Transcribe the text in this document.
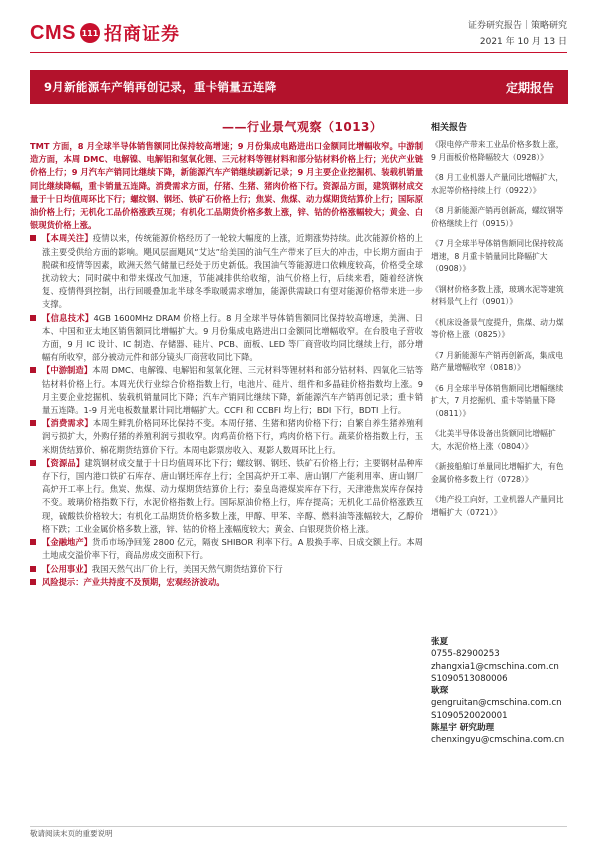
CMS 111 招商证券	证券研究报告｜策略研究
2021 年 10 月 13 日
9月新能源车产销再创记录，重卡销量五连降	定期报告
——行业景气观察（1013）

TMT 方面，8 月全球半导体销售额同比保持较高增速；9 月份集成电路进出口金额同比增幅收窄。中游制造方面，本周 DMC、电解镍、电解铝和氢氧化锂、三元材料等锂材料和部分钴材料价格上行；光伏产业链价格上行；9 月汽车产销同比继续下降，新能源汽车产销继续刷新记录；9 月主要企业挖掘机、装载机销量同比继续降幅，重卡销量五连降。消费需求方面，仔猪、生猪、猪肉价格下行。资源品方面，建筑钢材成交量于十日均值周环比下行；螺纹钢、钢坯、铁矿石价格上行；焦炭、焦煤、动力煤期货结算价上行；国际原油价格上行；无机化工品价格涨跌互现；有机化工品期货价格多数上涨，锌、钴的价格涨幅较大；黄金、白银现货价格上涨。

【本周关注】疫情以来，传统能源价格经历了一轮较大幅度的上涨，近期涨势持续。此次能源价格的上涨主要受供给方面的影响。飓风层面飓风“艾达”给美国的油气生产带来了巨大的冲击，中长期方面由于脱碳和疫情等因素，欧洲天然气储量已经处于历史新低。我国油气等能源进口依赖度较高，价格受全球扰动较大；同时碳中和带来煤改气加速，节能减排供给收缩，油气价格上行，后续来看，随着经济恢复、疫情得到控制，出行回暖叠加北半球冬季取暖需求增加，能源供需缺口有望对能源价格带来进一步支撑。
【信息技术】4GB 1600MHz DRAM 价格上行。8 月全球半导体销售额同比保持较高增速，美洲、日本、中国和亚太地区销售额同比增幅扩大。9 月份集成电路进出口金额同比增幅收窄。在台股电子营收方面，9 月 IC 设计、IC 制造、存储器、硅片、PCB、面板、LED 等厂商营收均同比继续上行，部分增幅有所收窄，部分被动元件和部分镜头厂商营收同比下降。
【中游制造】本周 DMC、电解镍、电解铝和氢氧化锂、三元材料等锂材料和部分钴材料、四氧化三钴等钴材料价格上行。本周光伏行业综合价格指数上行，电池片、硅片、组件和多晶硅价格指数均上涨。9 月主要企业挖掘机、装载机销量同比下降；汽车产销同比继续下降，新能源汽车产销再创记录；重卡销量五连降。1-9 月光电板数量累计同比增幅扩大。CCFI 和 CCBFI 均上行；BDI 下行，BDTI 上行。
【消费需求】本周生鲜乳价格同环比保持不变。本周仔猪、生猪和猪肉价格下行；自繁自养生猪养殖利润亏损扩大，外购仔猪的养殖利润亏损收窄。肉鸡苗价格下行，鸡肉价格下行。蔬菜价格指数上行，玉米期货结算价、棉花期货结算价下行。本周电影票房收入、观影人数周环比上行。
【资源品】建筑钢材成交量于十日均值周环比下行；螺纹钢、钢坯、铁矿石价格上行；主要钢材品种库存下行，国内港口铁矿石库存、唐山钢坯库存上行；全国高炉开工率、唐山钢厂产能利用率、唐山钢厂高炉开工率上行。焦炭、焦煤、动力煤期货结算价上行；秦皇岛港煤炭库存下行，天津港焦炭库存保持不变。玻璃价格指数下行，水泥价格指数上行。国际原油价格上行，库存提高；无机化工品价格涨跌互现，硫酸铁价格较大；有机化工品期货价格多数上涨，甲醇、甲苯、辛醇、燃料油等涨幅较大，乙醇价格下跌；工业金属价格多数上涨，锌、钴的价格上涨幅度较大；黄金、白银现货价格上涨。
【金融地产】货币市场净回笼 2800 亿元，隔夜 SHIBOR 利率下行。A 股换手率、日成交额上行。本周土地成交溢价率下行，商品房成交面积下行。
【公用事业】我国天然气出厂价上行，美国天然气期货结算价下行
风险提示：产业共持度不及预期，宏观经济波动。
相关报告
《限电停产带来工业品价格多数上涨，9 月面板价格降幅较大（0928）》
《8 月工业机器人产量同比增幅扩大，水泥等价格持续上行（0922）》
《8 月新能源产销再创新高，螺纹钢等价格继续上行（0915）》
《7 月全球半导体销售额同比保持较高增速，8 月重卡销量同比降幅扩大（0908）》
《钢材价格多数上涨，玻璃水泥等建筑材料景气上行（0901）》
《机床设备景气度提升，焦煤、动力煤等价格上涨（0825）》
《7 月新能源车产销再创新高，集成电路产量增幅收窄（0818）》
《6 月全球半导体销售额同比增幅继续扩大，7 月挖掘机、重卡等销量下降（0811）》
《北美半导体设备出货额同比增幅扩大，水泥价格上涨（0804）》
《新接船舶订单量同比增幅扩大，有色金属价格多数上行（0728）》
《地产投工向好，工业机器人产量同比增幅扩大（0721）》
张夏
0755-82900253
zhangxia1@cmschina.com.cn
S1090513080006
耿琛
gengruitan@cmschina.com.cn
S1090520020001
陈星宇 研究助理
chenxingyu@cmschina.com.cn
敬请阅读末页的重要说明
